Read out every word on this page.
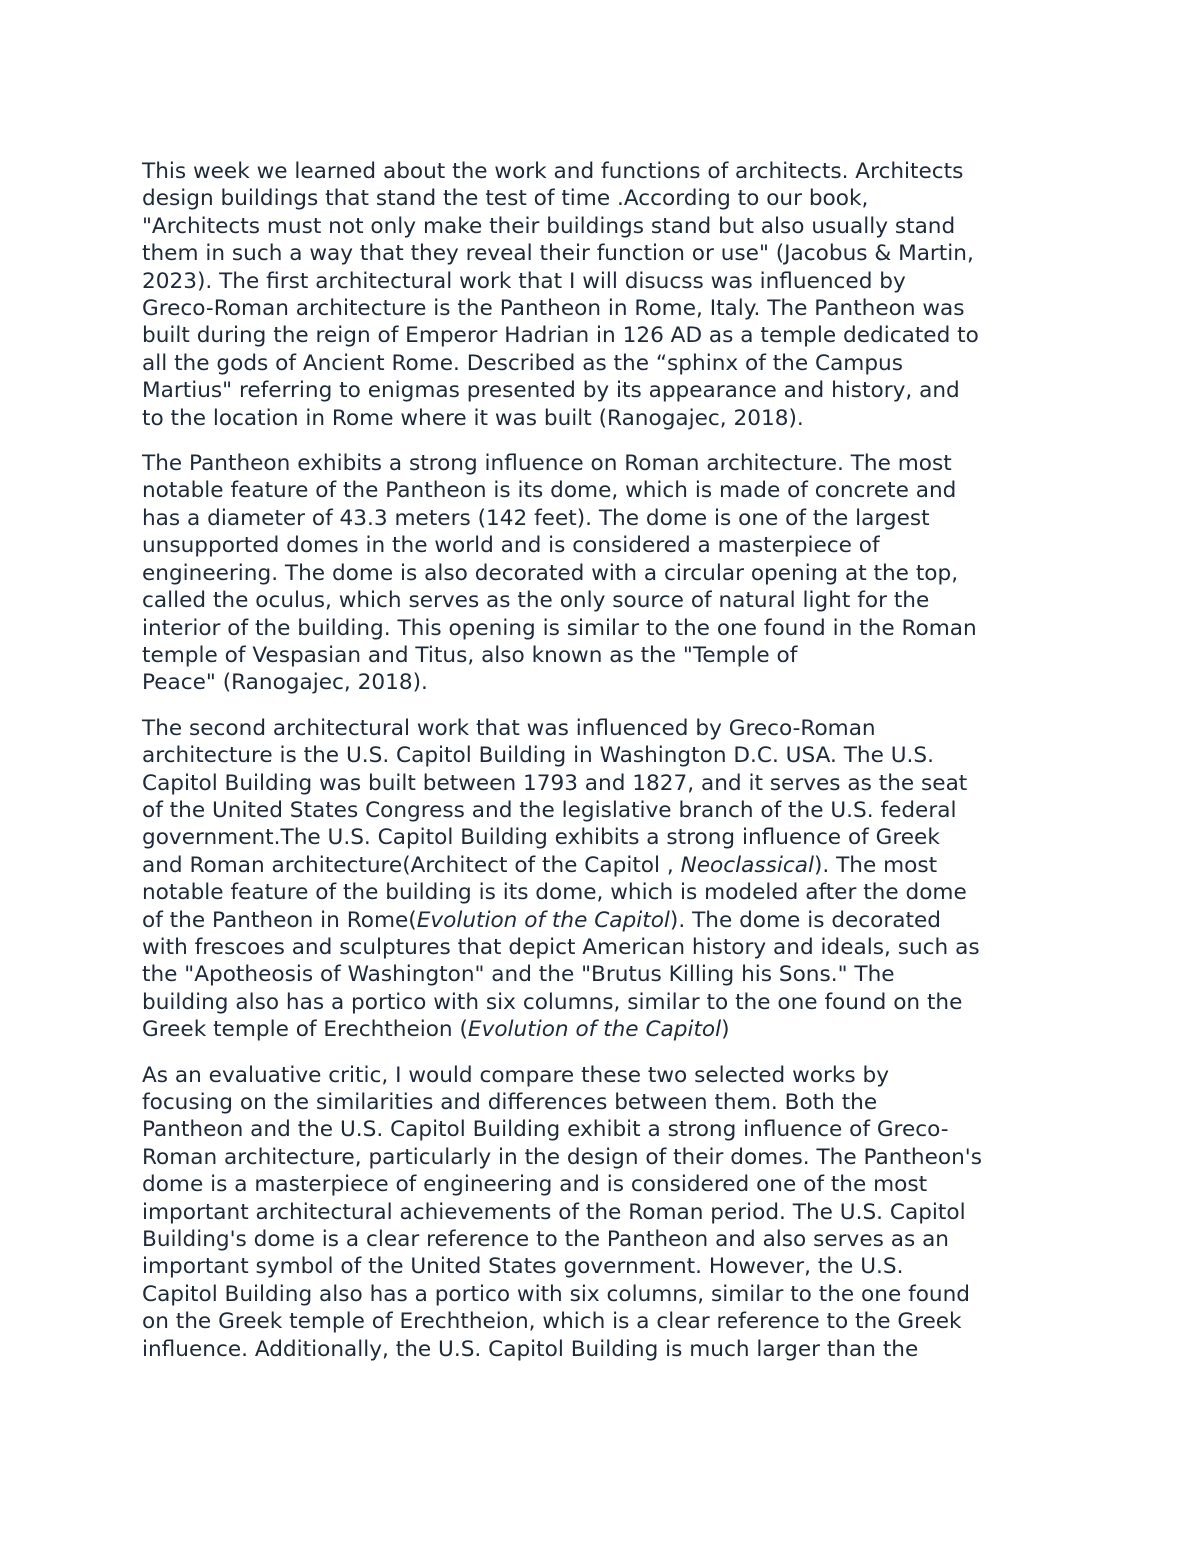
This week we learned about the work and functions of architects. Architects
design buildings that stand the test of time .According to our book,
"Architects must not only make their buildings stand but also usually stand
them in such a way that they reveal their function or use" (Jacobus & Martin,
2023). The first architectural work that I will disucss was influenced by
Greco-Roman architecture is the Pantheon in Rome, Italy. The Pantheon was
built during the reign of Emperor Hadrian in 126 AD as a temple dedicated to
all the gods of Ancient Rome. Described as the “sphinx of the Campus
Martius" referring to enigmas presented by its appearance and history, and
to the location in Rome where it was built (Ranogajec, 2018).

The Pantheon exhibits a strong influence on Roman architecture. The most
notable feature of the Pantheon is its dome, which is made of concrete and
has a diameter of 43.3 meters (142 feet). The dome is one of the largest
unsupported domes in the world and is considered a masterpiece of
engineering. The dome is also decorated with a circular opening at the top,
called the oculus, which serves as the only source of natural light for the
interior of the building. This opening is similar to the one found in the Roman
temple of Vespasian and Titus, also known as the "Temple of
Peace" (Ranogajec, 2018).

The second architectural work that was influenced by Greco-Roman
architecture is the U.S. Capitol Building in Washington D.C. USA. The U.S.
Capitol Building was built between 1793 and 1827, and it serves as the seat
of the United States Congress and the legislative branch of the U.S. federal
government.The U.S. Capitol Building exhibits a strong influence of Greek
and Roman architecture(Architect of the Capitol , Neoclassical). The most
notable feature of the building is its dome, which is modeled after the dome
of the Pantheon in Rome(Evolution of the Capitol). The dome is decorated
with frescoes and sculptures that depict American history and ideals, such as
the "Apotheosis of Washington" and the "Brutus Killing his Sons." The
building also has a portico with six columns, similar to the one found on the
Greek temple of Erechtheion (Evolution of the Capitol)

As an evaluative critic, I would compare these two selected works by
focusing on the similarities and differences between them. Both the
Pantheon and the U.S. Capitol Building exhibit a strong influence of Greco-
Roman architecture, particularly in the design of their domes. The Pantheon's
dome is a masterpiece of engineering and is considered one of the most
important architectural achievements of the Roman period. The U.S. Capitol
Building's dome is a clear reference to the Pantheon and also serves as an
important symbol of the United States government. However, the U.S.
Capitol Building also has a portico with six columns, similar to the one found
on the Greek temple of Erechtheion, which is a clear reference to the Greek
influence. Additionally, the U.S. Capitol Building is much larger than the
